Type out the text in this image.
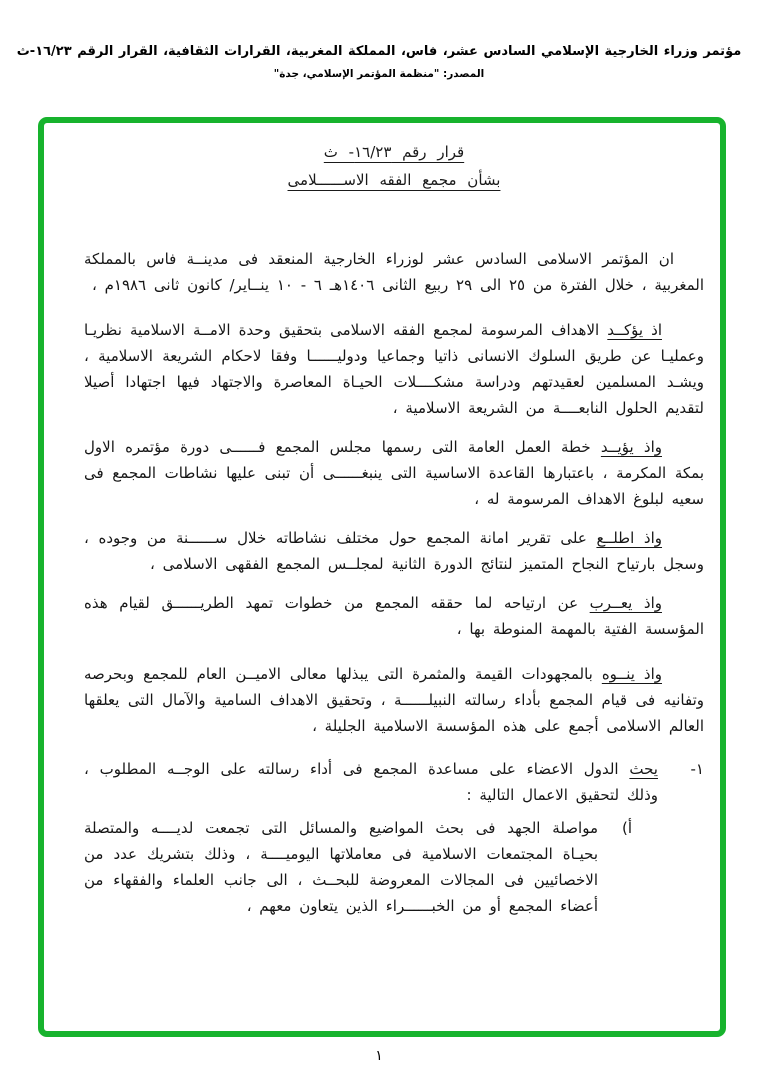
مؤتمر وزراء الخارجية الإسلامي السادس عشر، فاس، المملكة المغربية، القرارات الثقافية، القرار الرقم ١٦/٢٣-ث
المصدر: "منظمة المؤتمر الإسلامي، جدة"
قرار رقم ١٦/٢٣- ث
بشأن مجمع الفقه الاســــــلامى

ان المؤتمر الاسلامى السادس عشر لوزراء الخارجية المنعقد فى مدينــة فاس بالمملكة المغربية ، خلال الفترة من ٢٥ الى ٢٩ ربيع الثانى ١٤٠٦هـ ٦ - ١٠ ينــاير/ كانون ثانى ١٩٨٦م ،

اذ يؤكــد الاهداف المرسومة لمجمع الفقه الاسلامى بتحقيق وحدة الامــة الاسلامية نظريـا وعمليـا عن طريق السلوك الانسانى ذاتيا وجماعيا ودوليــــــا وفقا لاحكام الشريعة الاسلامية ، ويشـد المسلمين لعقيدتهم ودراسة مشكــــلات الحيـاة المعاصرة والاجتهاد فيها اجتهادا أصيلا لتقديم الحلول النابعــــة من الشريعة الاسلامية ،

واذ يؤيــد خطة العمل العامة التى رسمها مجلس المجمع فــــــى دورة مؤتمره الاول بمكة المكرمة ، باعتبارها القاعدة الاساسية التى ينبغــــــى أن تبنى عليها نشاطات المجمع فى سعيه لبلوغ الاهداف المرسومة له ،

واذ اطلــع على تقرير امانة المجمع حول مختلف نشاطاته خلال ســــــنة من وجوده ، وسجل بارتياح النجاح المتميز لنتائج الدورة الثانية لمجلــس المجمع الفقهى الاسلامى ،

واذ يعــرب عن ارتياحه لما حققه المجمع من خطوات تمهد الطريــــــق لقيام هذه المؤسسة الفتية بالمهمة المنوطة بها ،

واذ ينــوه بالمجهودات القيمة والمثمرة التى يبذلها معالى الاميــن العام للمجمع وبحرصه وتفانيه فى قيام المجمع بأداء رسالته النبيلــــــة ، وتحقيق الاهداف السامية والآمال التى يعلقها العالم الاسلامى أجمع على هذه المؤسسة الاسلامية الجليلة ،

١-يحث الدول الاعضاء على مساعدة المجمع فى أداء رسالته على الوجــه المطلوب ، وذلك لتحقيق الاعمال التالية :
أ)مواصلة الجهد فى بحث المواضيع والمسائل التى تجمعت لديــــه والمتصلة بحيـاة المجتمعات الاسلامية فى معاملاتها اليوميــــة ، وذلك بتشريك عدد من الاخصائيين فى المجالات المعروضة للبحــث ، الى جانب العلماء والفقهاء من أعضاء المجمع أو من الخبــــــراء الذين يتعاون معهم ،
١
